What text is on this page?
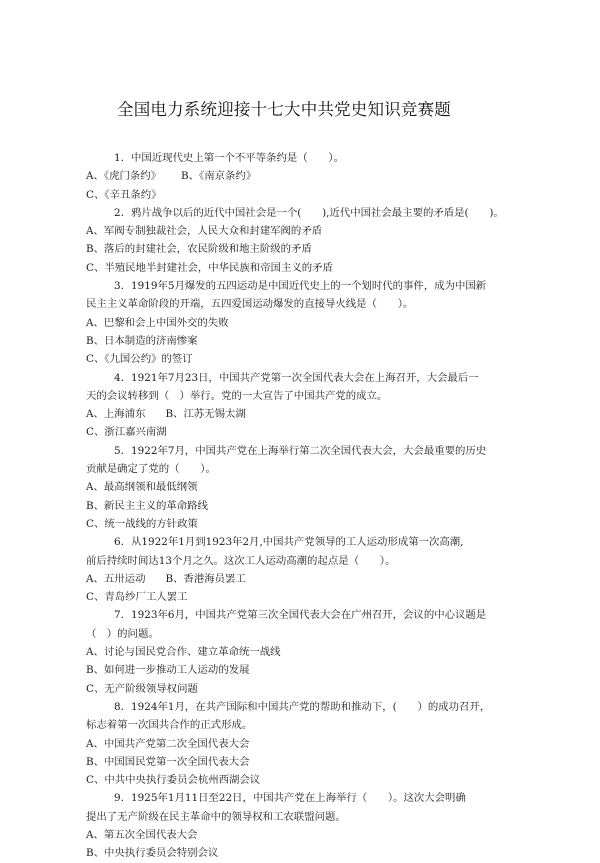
全国电力系统迎接十七大中共党史知识竞赛题
1．中国近现代史上第一个不平等条约是（　　）。
A、《虎门条约》 B、《南京条约》
C、《辛丑条约》
2．鸦片战争以后的近代中国社会是一个(　　),近代中国社会最主要的矛盾是(　　)。
A、军阀专制独裁社会，人民大众和封建军阀的矛盾
B、落后的封建社会，农民阶级和地主阶级的矛盾
C、半殖民地半封建社会，中华民族和帝国主义的矛盾
3．1919年5月爆发的五四运动是中国近代史上的一个划时代的事件，成为中国新
民主主义革命阶段的开端，五四爱国运动爆发的直接导火线是（　　）。
A、巴黎和会上中国外交的失败
B、日本制造的济南惨案
C、《九国公约》的签订
4．1921年7月23日，中国共产党第一次全国代表大会在上海召开，大会最后一
天的会议转移到（　）举行。党的一大宣告了中国共产党的成立。
A、上海浦东 B、江苏无锡太湖
C、浙江嘉兴南湖
5．1922年7月，中国共产党在上海举行第二次全国代表大会，大会最重要的历史
贡献是确定了党的（　　）。
A、最高纲领和最低纲领
B、新民主主义的革命路线
C、统一战线的方针政策
6．从1922年1月到1923年2月,中国共产党领导的工人运动形成第一次高潮,
前后持续时间达13个月之久。这次工人运动高潮的起点是（　　）。
A、五卅运动 B、香港海员罢工
C、青岛纱厂工人罢工
7．1923年6月，中国共产党第三次全国代表大会在广州召开，会议的中心议题是
（　）的问题。
A、讨论与国民党合作、建立革命统一战线
B、如何进一步推动工人运动的发展
C、无产阶级领导权问题
8．1924年1月，在共产国际和中国共产党的帮助和推动下，(　　）的成功召开，
标志着第一次国共合作的正式形成。
A、中国共产党第二次全国代表大会
B、中国国民党第一次全国代表大会
C、中共中央执行委员会杭州西湖会议
9．1925年1月11日至22日，中国共产党在上海举行（　　）。这次大会明确
提出了无产阶级在民主革命中的领导权和工农联盟问题。
A、第五次全国代表大会
B、中央执行委员会特别会议
